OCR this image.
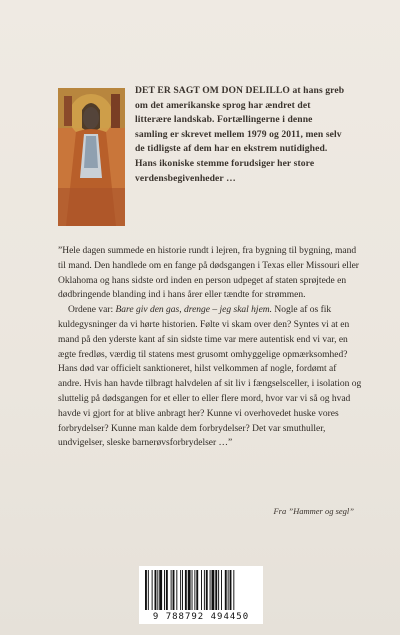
DET ER SAGT OM DON DELILLO at hans greb om det amerikanske sprog har ændret det litterære landskab. Fortællingerne i denne samling er skrevet mellem 1979 og 2011, men selv de tidligste af dem har en ekstrem nutidighed. Hans ikoniske stemme forudsiger her store verdensbegivenheder …

”Hele dagen summede en historie rundt i lejren, fra bygning til bygning, mand til mand. Den handlede om en fange på dødsgangen i Texas eller Missouri eller Oklahoma og hans sidste ord inden en person udpeget af staten sprøjtede en dødbringende blanding ind i hans årer eller tændte for strømmen.

Ordene var: Bare giv den gas, drenge – jeg skal hjem. Nogle af os fik kuldegysninger da vi hørte historien. Følte vi skam over den? Syntes vi at en mand på den yderste kant af sin sidste time var mere autentisk end vi var, en ægte fredløs, værdig til statens mest grusomt omhyggelige opmærksomhed? Hans død var officielt sanktioneret, hilst velkommen af nogle, fordømt af andre. Hvis han havde tilbragt halvdelen af sit liv i fængselsceller, i isolation og sluttelig på dødsgangen for et eller to eller flere mord, hvor var vi så og hvad havde vi gjort for at blive anbragt her? Kunne vi overhovedet huske vores forbrydelser? Kunne man kalde dem forbrydelser? Det var smuthuller, undvigelser, sleske barnerøvsforbrydelser …”

Fra ”Hammer og segl”
9 788792 494450
